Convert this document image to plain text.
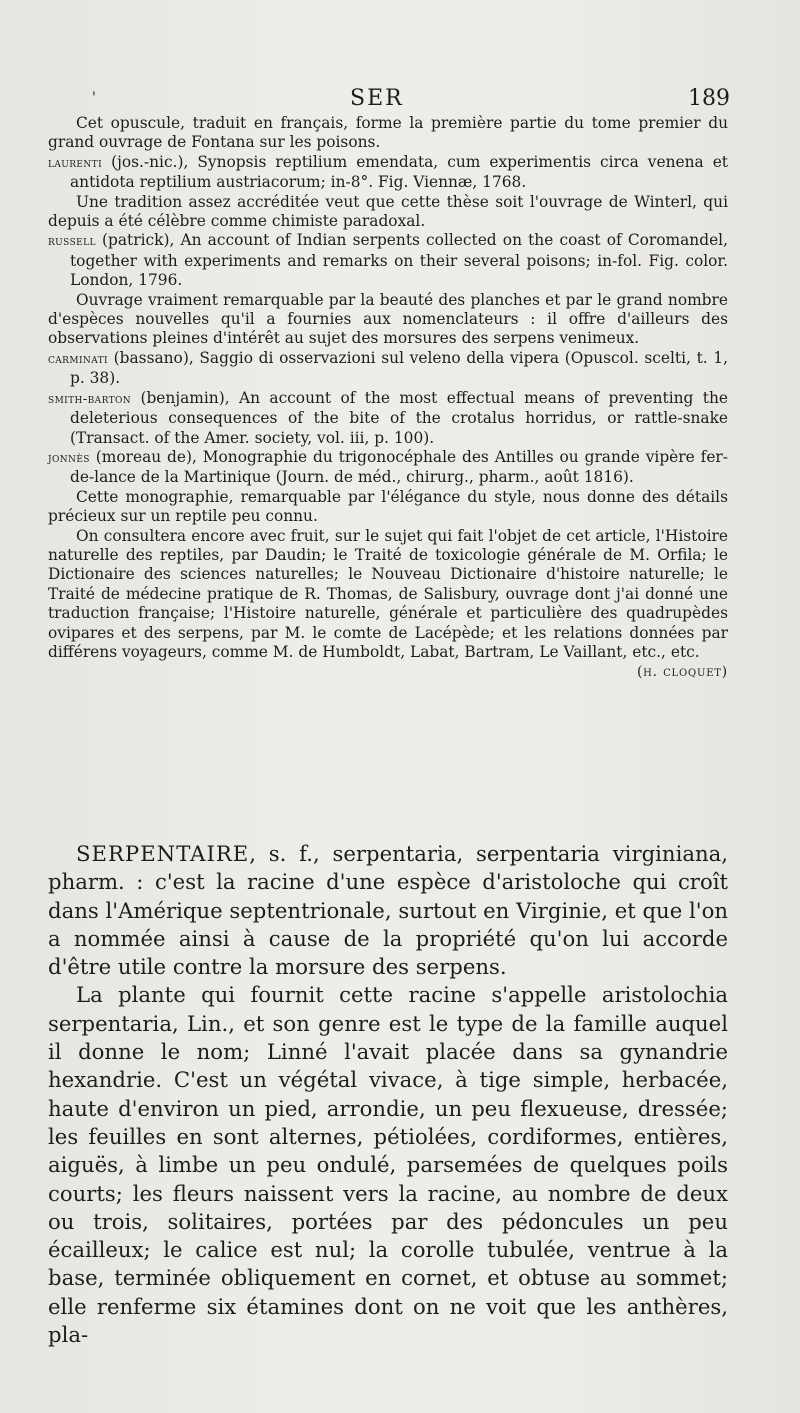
'	SER	189

Cet opuscule, traduit en français, forme la première partie du tome premier du grand ouvrage de Fontana sur les poisons.

laurenti (jos.-nic.), Synopsis reptilium emendata, cum experimentis circa venena et antidota reptilium austriacorum; in-8°. Fig. Viennæ, 1768.

Une tradition assez accréditée veut que cette thèse soit l'ouvrage de Winterl, qui depuis a été célèbre comme chimiste paradoxal.

russell (patrick), An account of Indian serpents collected on the coast of Coromandel, together with experiments and remarks on their several poisons; in-fol. Fig. color. London, 1796.

Ouvrage vraiment remarquable par la beauté des planches et par le grand nombre d'espèces nouvelles qu'il a fournies aux nomenclateurs : il offre d'ailleurs des observations pleines d'intérêt au sujet des morsures des serpens venimeux.

carminati (bassano), Saggio di osservazioni sul veleno della vipera (Opuscol. scelti, t. 1, p. 38).

smith-barton (benjamin), An account of the most effectual means of preventing the deleterious consequences of the bite of the crotalus horridus, or rattle-snake (Transact. of the Amer. society, vol. iii, p. 100).

jonnès (moreau de), Monographie du trigonocéphale des Antilles ou grande vipère fer-de-lance de la Martinique (Journ. de méd., chirurg., pharm., août 1816).

Cette monographie, remarquable par l'élégance du style, nous donne des détails précieux sur un reptile peu connu.

On consultera encore avec fruit, sur le sujet qui fait l'objet de cet article, l'Histoire naturelle des reptiles, par Daudin; le Traité de toxicologie générale de M. Orfila; le Dictionaire des sciences naturelles; le Nouveau Dictionaire d'histoire naturelle; le Traité de médecine pratique de R. Thomas, de Salisbury, ouvrage dont j'ai donné une traduction française; l'Histoire naturelle, générale et particulière des quadrupèdes ovipares et des serpens, par M. le comte de Lacépède; et les relations données par différens voyageurs, comme M. de Humboldt, Labat, Bartram, Le Vaillant, etc., etc.

(h. cloquet)

SERPENTAIRE, s. f., serpentaria, serpentaria virginiana, pharm. : c'est la racine d'une espèce d'aristoloche qui croît dans l'Amérique septentrionale, surtout en Virginie, et que l'on a nommée ainsi à cause de la propriété qu'on lui accorde d'être utile contre la morsure des serpens.

La plante qui fournit cette racine s'appelle aristolochia serpentaria, Lin., et son genre est le type de la famille auquel il donne le nom; Linné l'avait placée dans sa gynandrie hexandrie. C'est un végétal vivace, à tige simple, herbacée, haute d'environ un pied, arrondie, un peu flexueuse, dressée; les feuilles en sont alternes, pétiolées, cordiformes, entières, aiguës, à limbe un peu ondulé, parsemées de quelques poils courts; les fleurs naissent vers la racine, au nombre de deux ou trois, solitaires, portées par des pédoncules un peu écailleux; le calice est nul; la corolle tubulée, ventrue à la base, terminée obliquement en cornet, et obtuse au sommet; elle renferme six étamines dont on ne voit que les anthères, pla-
